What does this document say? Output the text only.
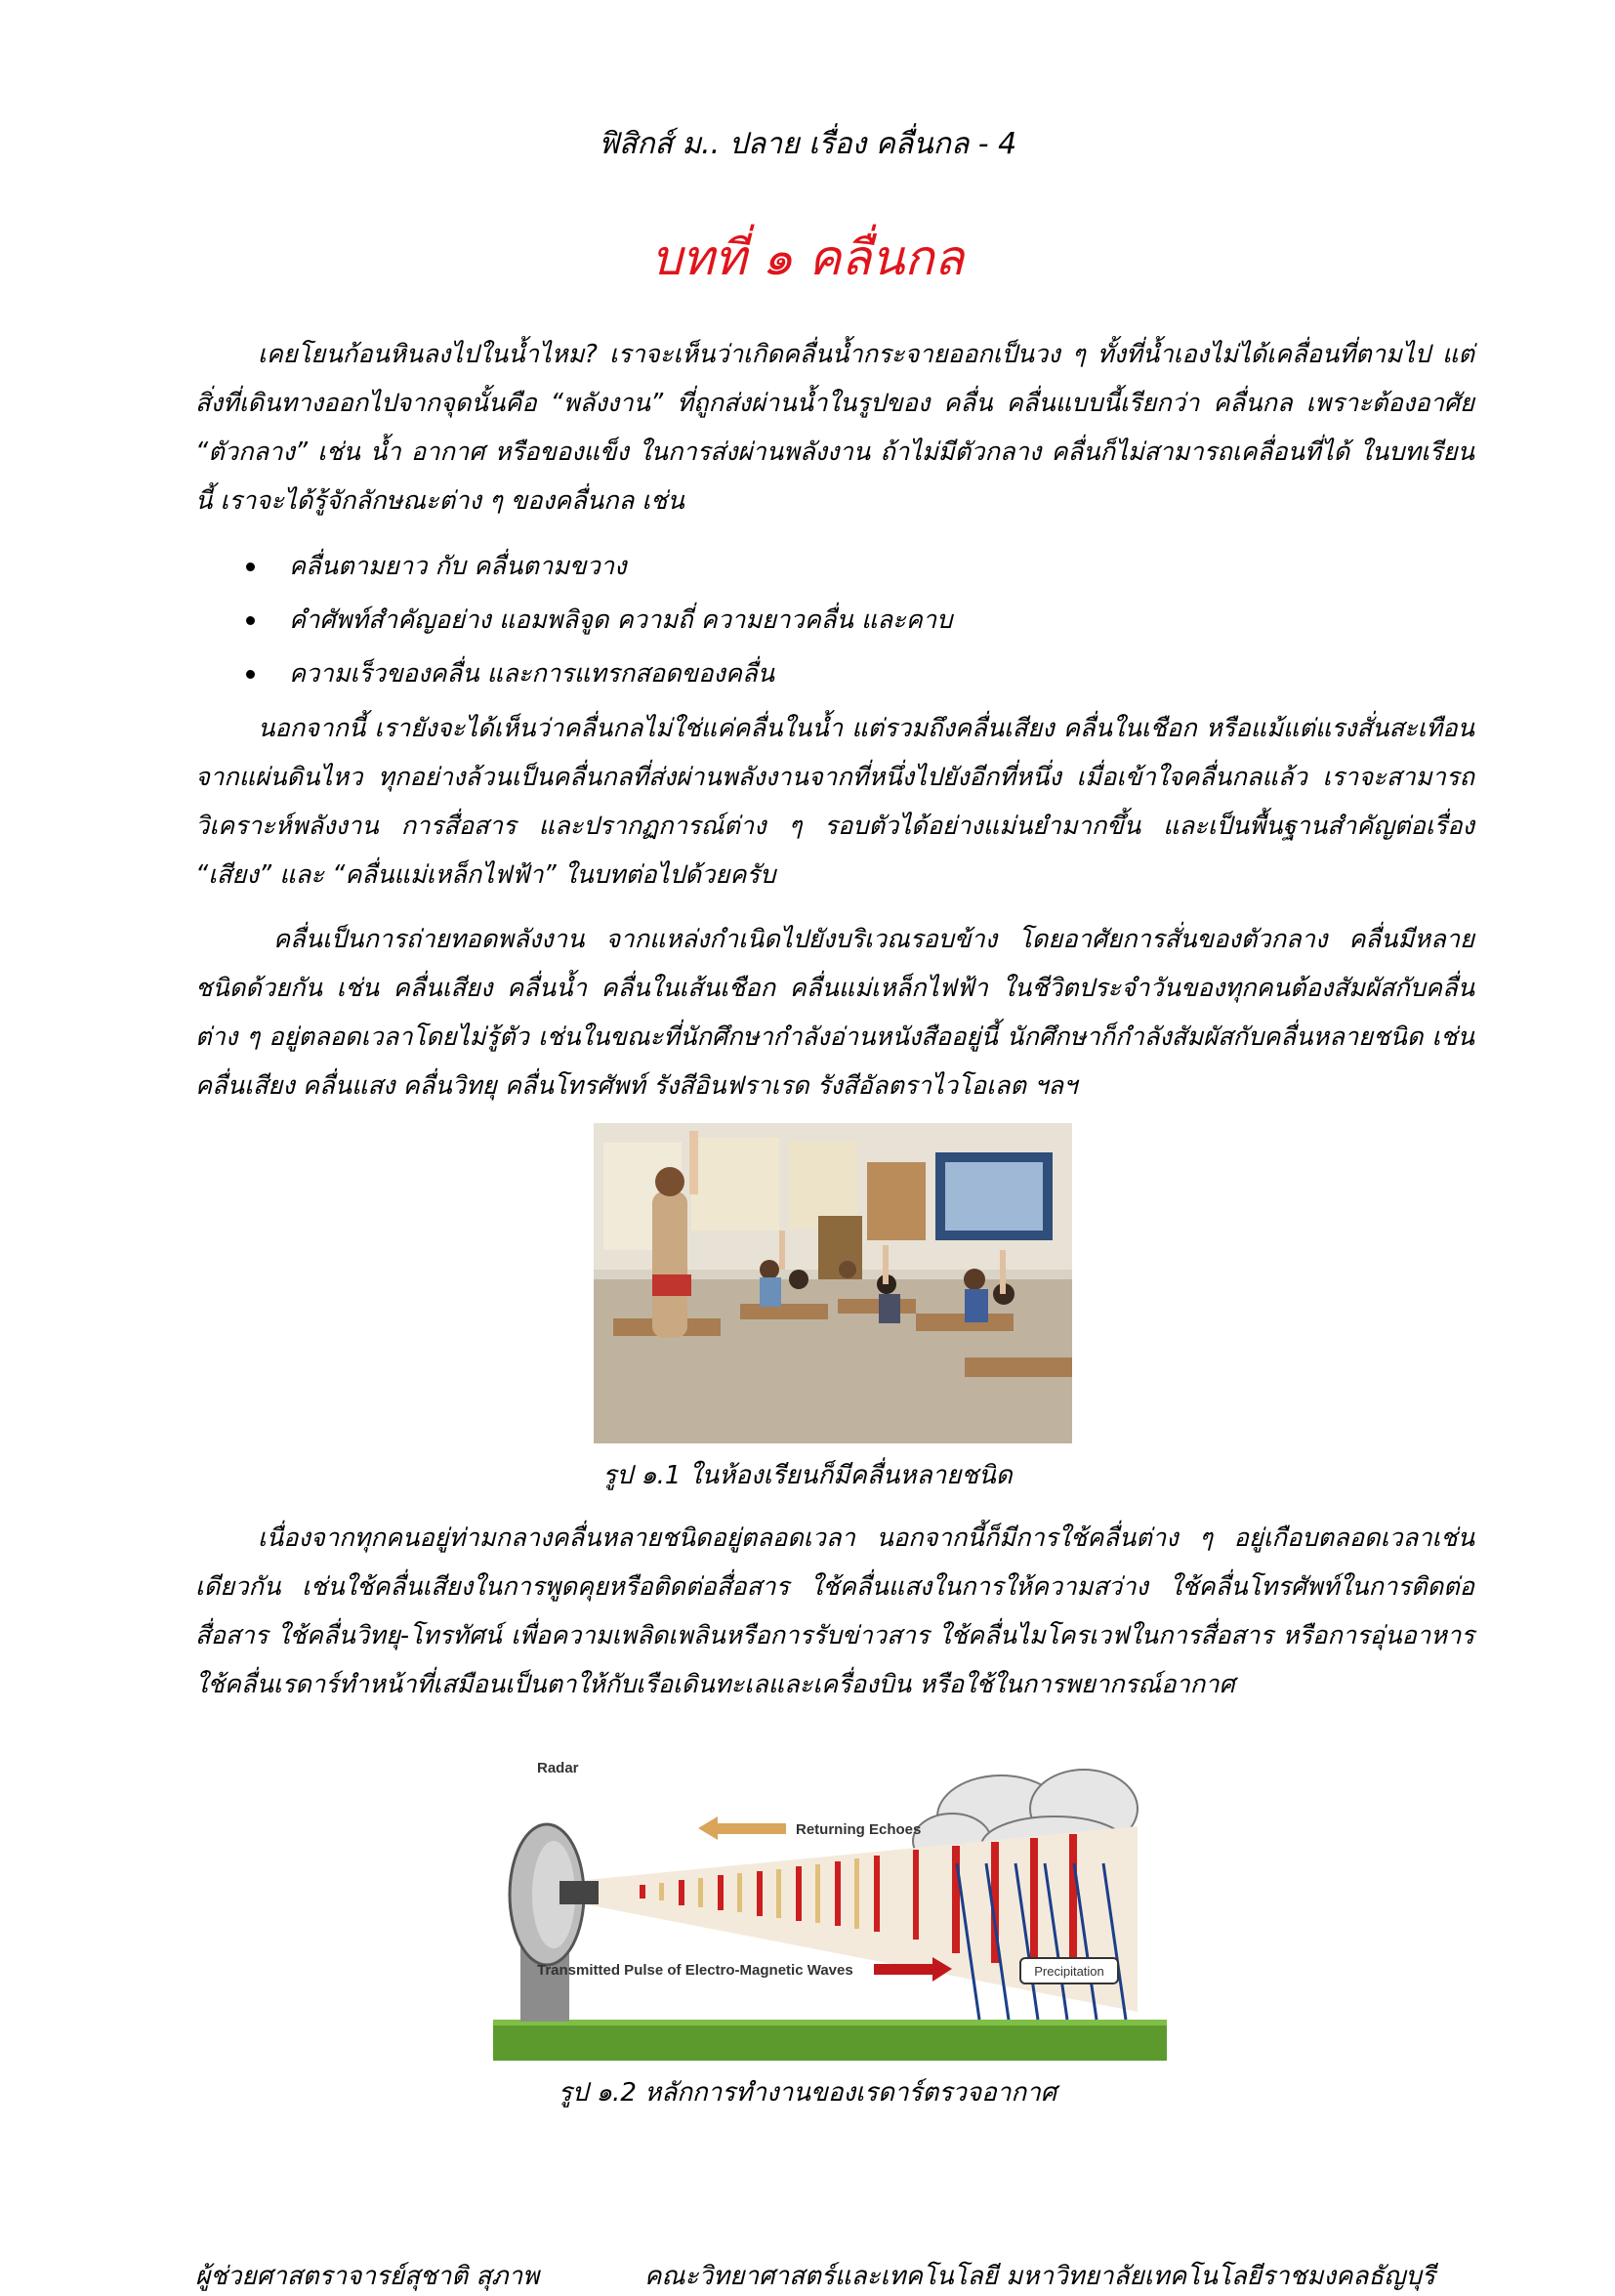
ฟิสิกส์ ม.. ปลาย เรื่อง คลื่นกล - 4
บทที่ ๑ คลื่นกล
เคยโยนก้อนหินลงไปในน้ำไหม? เราจะเห็นว่าเกิดคลื่นน้ำกระจายออกเป็นวง ๆ ทั้งที่น้ำเองไม่ได้เคลื่อนที่ตามไป แต่สิ่งที่เดินทางออกไปจากจุดนั้นคือ “พลังงาน” ที่ถูกส่งผ่านน้ำในรูปของ คลื่น คลื่นแบบนี้เรียกว่า คลื่นกล เพราะต้องอาศัย “ตัวกลาง” เช่น น้ำ อากาศ หรือของแข็ง ในการส่งผ่านพลังงาน ถ้าไม่มีตัวกลาง คลื่นก็ไม่สามารถเคลื่อนที่ได้ ในบทเรียนนี้ เราจะได้รู้จักลักษณะต่าง ๆ ของคลื่นกล เช่น
คลื่นตามยาว กับ คลื่นตามขวาง
คำศัพท์สำคัญอย่าง แอมพลิจูด ความถี่ ความยาวคลื่น และคาบ
ความเร็วของคลื่น และการแทรกสอดของคลื่น
นอกจากนี้ เรายังจะได้เห็นว่าคลื่นกลไม่ใช่แค่คลื่นในน้ำ แต่รวมถึงคลื่นเสียง คลื่นในเชือก หรือแม้แต่แรงสั่นสะเทือนจากแผ่นดินไหว ทุกอย่างล้วนเป็นคลื่นกลที่ส่งผ่านพลังงานจากที่หนึ่งไปยังอีกที่หนึ่ง เมื่อเข้าใจคลื่นกลแล้ว เราจะสามารถวิเคราะห์พลังงาน การสื่อสาร และปรากฏการณ์ต่าง ๆ รอบตัวได้อย่างแม่นยำมากขึ้น และเป็นพื้นฐานสำคัญต่อเรื่อง “เสียง” และ “คลื่นแม่เหล็กไฟฟ้า” ในบทต่อไปด้วยครับ
คลื่นเป็นการถ่ายทอดพลังงาน จากแหล่งกำเนิดไปยังบริเวณรอบข้าง โดยอาศัยการสั่นของตัวกลาง คลื่นมีหลายชนิดด้วยกัน เช่น คลื่นเสียง คลื่นน้ำ คลื่นในเส้นเชือก คลื่นแม่เหล็กไฟฟ้า ในชีวิตประจำวันของทุกคนต้องสัมผัสกับคลื่นต่าง ๆ อยู่ตลอดเวลาโดยไม่รู้ตัว เช่นในขณะที่นักศึกษากำลังอ่านหนังสืออยู่นี้ นักศึกษาก็กำลังสัมผัสกับคลื่นหลายชนิด เช่น คลื่นเสียง คลื่นแสง คลื่นวิทยุ คลื่นโทรศัพท์ รังสีอินฟราเรด รังสีอัลตราไวโอเลต ฯลฯ
รูป ๑.1 ในห้องเรียนก็มีคลื่นหลายชนิด
เนื่องจากทุกคนอยู่ท่ามกลางคลื่นหลายชนิดอยู่ตลอดเวลา นอกจากนี้ก็มีการใช้คลื่นต่าง ๆ อยู่เกือบตลอดเวลาเช่นเดียวกัน เช่นใช้คลื่นเสียงในการพูดคุยหรือติดต่อสื่อสาร ใช้คลื่นแสงในการให้ความสว่าง ใช้คลื่นโทรศัพท์ในการติดต่อสื่อสาร ใช้คลื่นวิทยุ-โทรทัศน์ เพื่อความเพลิดเพลินหรือการรับข่าวสาร ใช้คลื่นไมโครเวฟในการสื่อสาร หรือการอุ่นอาหาร ใช้คลื่นเรดาร์ทำหน้าที่เสมือนเป็นตาให้กับเรือเดินทะเลและเครื่องบิน หรือใช้ในการพยากรณ์อากาศ
Radar
Returning Echoes
Transmitted Pulse of Electro-Magnetic Waves	Precipitation
รูป ๑.2 หลักการทำงานของเรดาร์ตรวจอากาศ
ผู้ช่วยศาสตราจารย์สุชาติ สุภาพ	คณะวิทยาศาสตร์และเทคโนโลยี มหาวิทยาลัยเทคโนโลยีราชมงคลธัญบุรี
